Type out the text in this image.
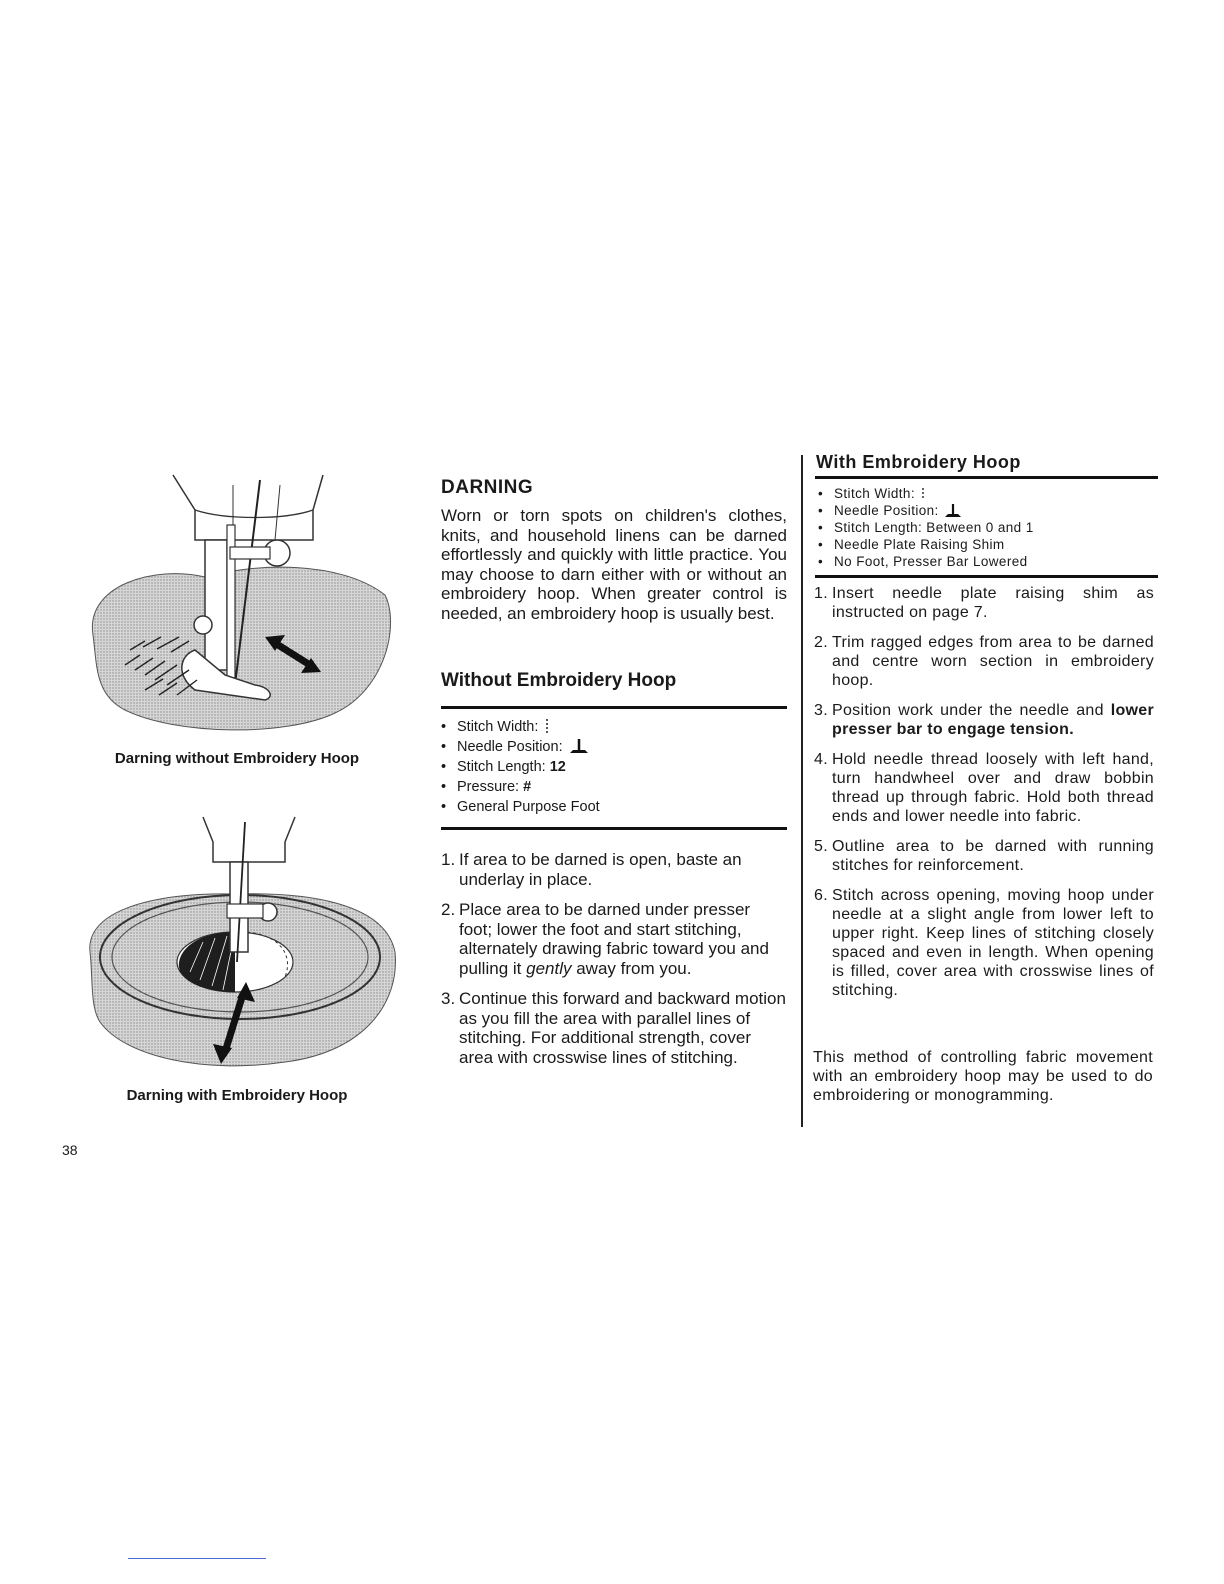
Darning without Embroidery Hoop
Darning with Embroidery Hoop
38
DARNING
Worn or torn spots on children's clothes, knits, and household linens can be darned effortlessly and quickly with little practice. You may choose to darn either with or without an embroidery hoop. When greater control is needed, an embroidery hoop is usually best.
Without Embroidery Hoop
• Stitch Width:
• Needle Position:
• Stitch Length: 12
• Pressure: #
• General Purpose Foot
1. If area to be darned is open, baste an underlay in place.
2. Place area to be darned under presser foot; lower the foot and start stitching, alternately drawing fabric toward you and pulling it gently away from you.
3. Continue this forward and backward motion as you fill the area with parallel lines of stitching. For additional strength, cover area with crosswise lines of stitching.
With Embroidery Hoop
• Stitch Width:
• Needle Position:
• Stitch Length: Between 0 and 1
• Needle Plate Raising Shim
• No Foot, Presser Bar Lowered
1. Insert needle plate raising shim as instructed on page 7.
2. Trim ragged edges from area to be darned and centre worn section in embroidery hoop.
3. Position work under the needle and lower presser bar to engage tension.
4. Hold needle thread loosely with left hand, turn handwheel over and draw bobbin thread up through fabric. Hold both thread ends and lower needle into fabric.
5. Outline area to be darned with running stitches for reinforcement.
6. Stitch across opening, moving hoop under needle at a slight angle from lower left to upper right. Keep lines of stitching closely spaced and even in length. When opening is filled, cover area with crosswise lines of stitching.
This method of controlling fabric movement with an embroidery hoop may be used to do embroidering or monogramming.
